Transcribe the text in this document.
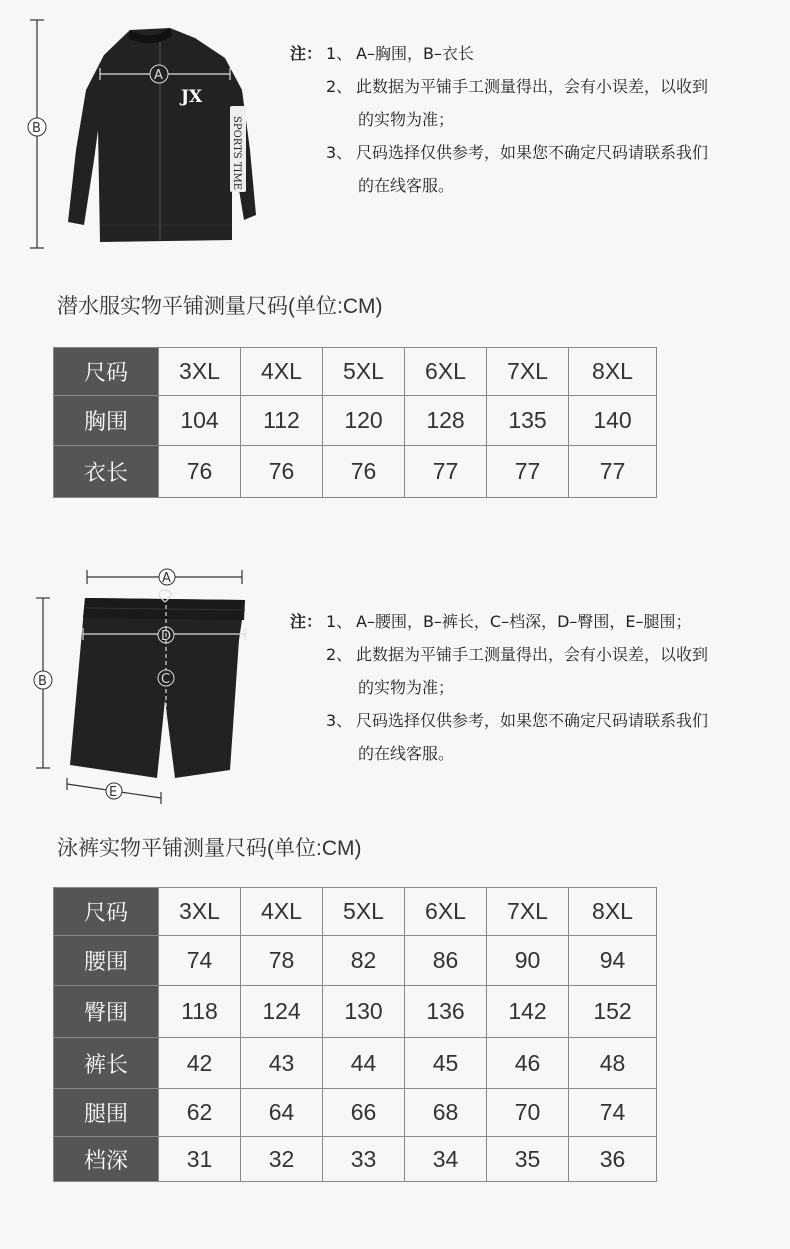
JX
SPORTS TIME
A
B
注： 1、 A–胸围，B–衣长
2、 此数据为平铺手工测量得出，会有小误差，以收到
的实物为准；
3、 尺码选择仅供参考，如果您不确定尺码请联系我们
的在线客服。
潜水服实物平铺测量尺码(单位:CM)
尺码	3XL	4XL	5XL	6XL	7XL	8XL
胸围	104	112	120	128	135	140
衣长	76	76	76	77	77	77
A
B
D
C
E
注： 1、 A–腰围，B–裤长，C–档深，D–臀围，E–腿围；
2、 此数据为平铺手工测量得出，会有小误差，以收到
的实物为准；
3、 尺码选择仅供参考，如果您不确定尺码请联系我们
的在线客服。
泳裤实物平铺测量尺码(单位:CM)
尺码	3XL	4XL	5XL	6XL	7XL	8XL
腰围	74	78	82	86	90	94
臀围	118	124	130	136	142	152
裤长	42	43	44	45	46	48
腿围	62	64	66	68	70	74
档深	31	32	33	34	35	36
